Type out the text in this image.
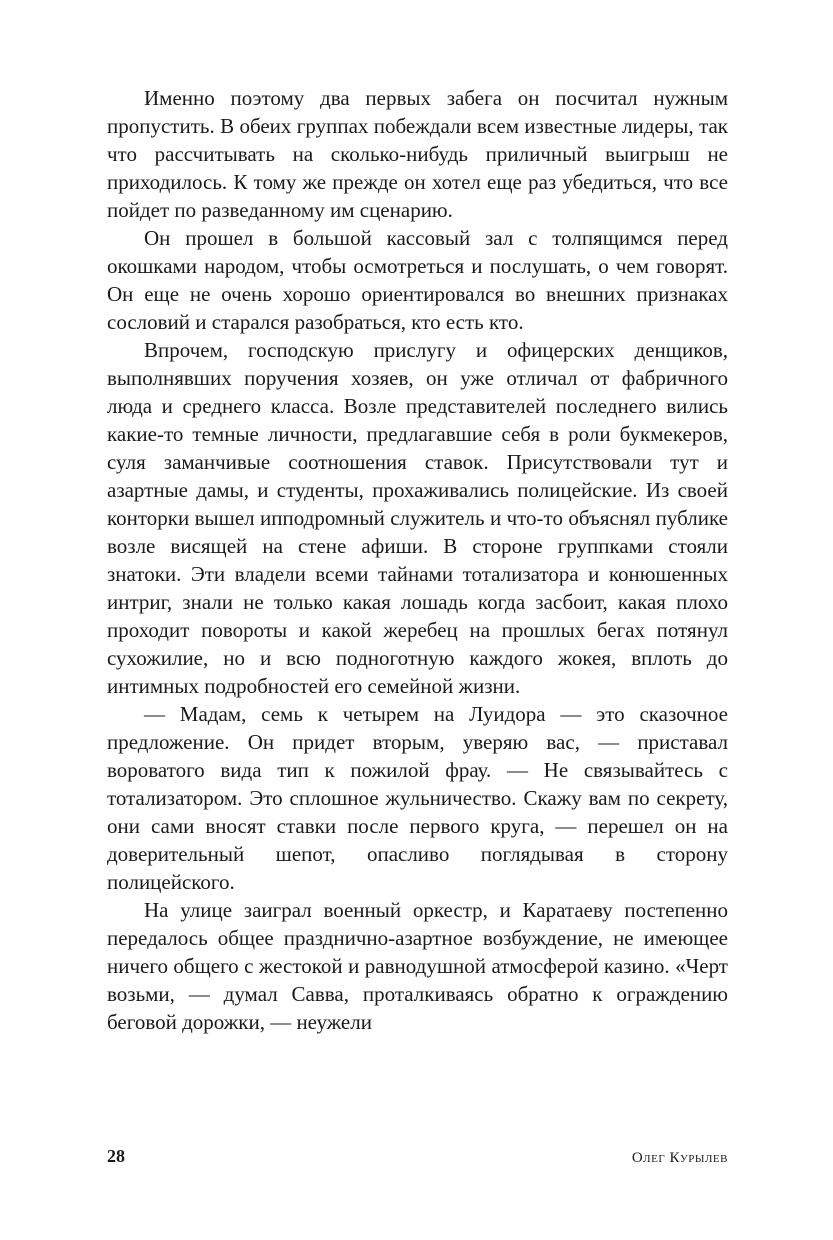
Именно поэтому два первых забега он посчитал нужным пропустить. В обеих группах побеждали всем известные лидеры, так что рассчитывать на сколько-нибудь приличный выигрыш не приходилось. К тому же прежде он хотел еще раз убедиться, что все пойдет по разведанному им сценарию.

Он прошел в большой кассовый зал с толпящимся перед окошками народом, чтобы осмотреться и послушать, о чем говорят. Он еще не очень хорошо ориентировался во внешних признаках сословий и старался разобраться, кто есть кто.

Впрочем, господскую прислугу и офицерских денщиков, выполнявших поручения хозяев, он уже отличал от фабричного люда и среднего класса. Возле представителей последнего вились какие-то темные личности, предлагавшие себя в роли букмекеров, суля заманчивые соотношения ставок. Присутствовали тут и азартные дамы, и студенты, прохаживались полицейские. Из своей конторки вышел ипподромный служитель и что-то объяснял публике возле висящей на стене афиши. В стороне группками стояли знатоки. Эти владели всеми тайнами тотализатора и конюшенных интриг, знали не только какая лошадь когда засбоит, какая плохо проходит повороты и какой жеребец на прошлых бегах потянул сухожилие, но и всю подноготную каждого жокея, вплоть до интимных подробностей его семейной жизни.

— Мадам, семь к четырем на Луидора — это сказочное предложение. Он придет вторым, уверяю вас, — приставал вороватого вида тип к пожилой фрау. — Не связывайтесь с тотализатором. Это сплошное жульничество. Скажу вам по секрету, они сами вносят ставки после первого круга, — перешел он на доверительный шепот, опасливо поглядывая в сторону полицейского.

На улице заиграл военный оркестр, и Каратаеву постепенно передалось общее празднично-азартное возбуждение, не имеющее ничего общего с жестокой и равнодушной атмосферой казино. «Черт возьми, — думал Савва, проталкиваясь обратно к ограждению беговой дорожки, — неужели

28	Олег Курылев
